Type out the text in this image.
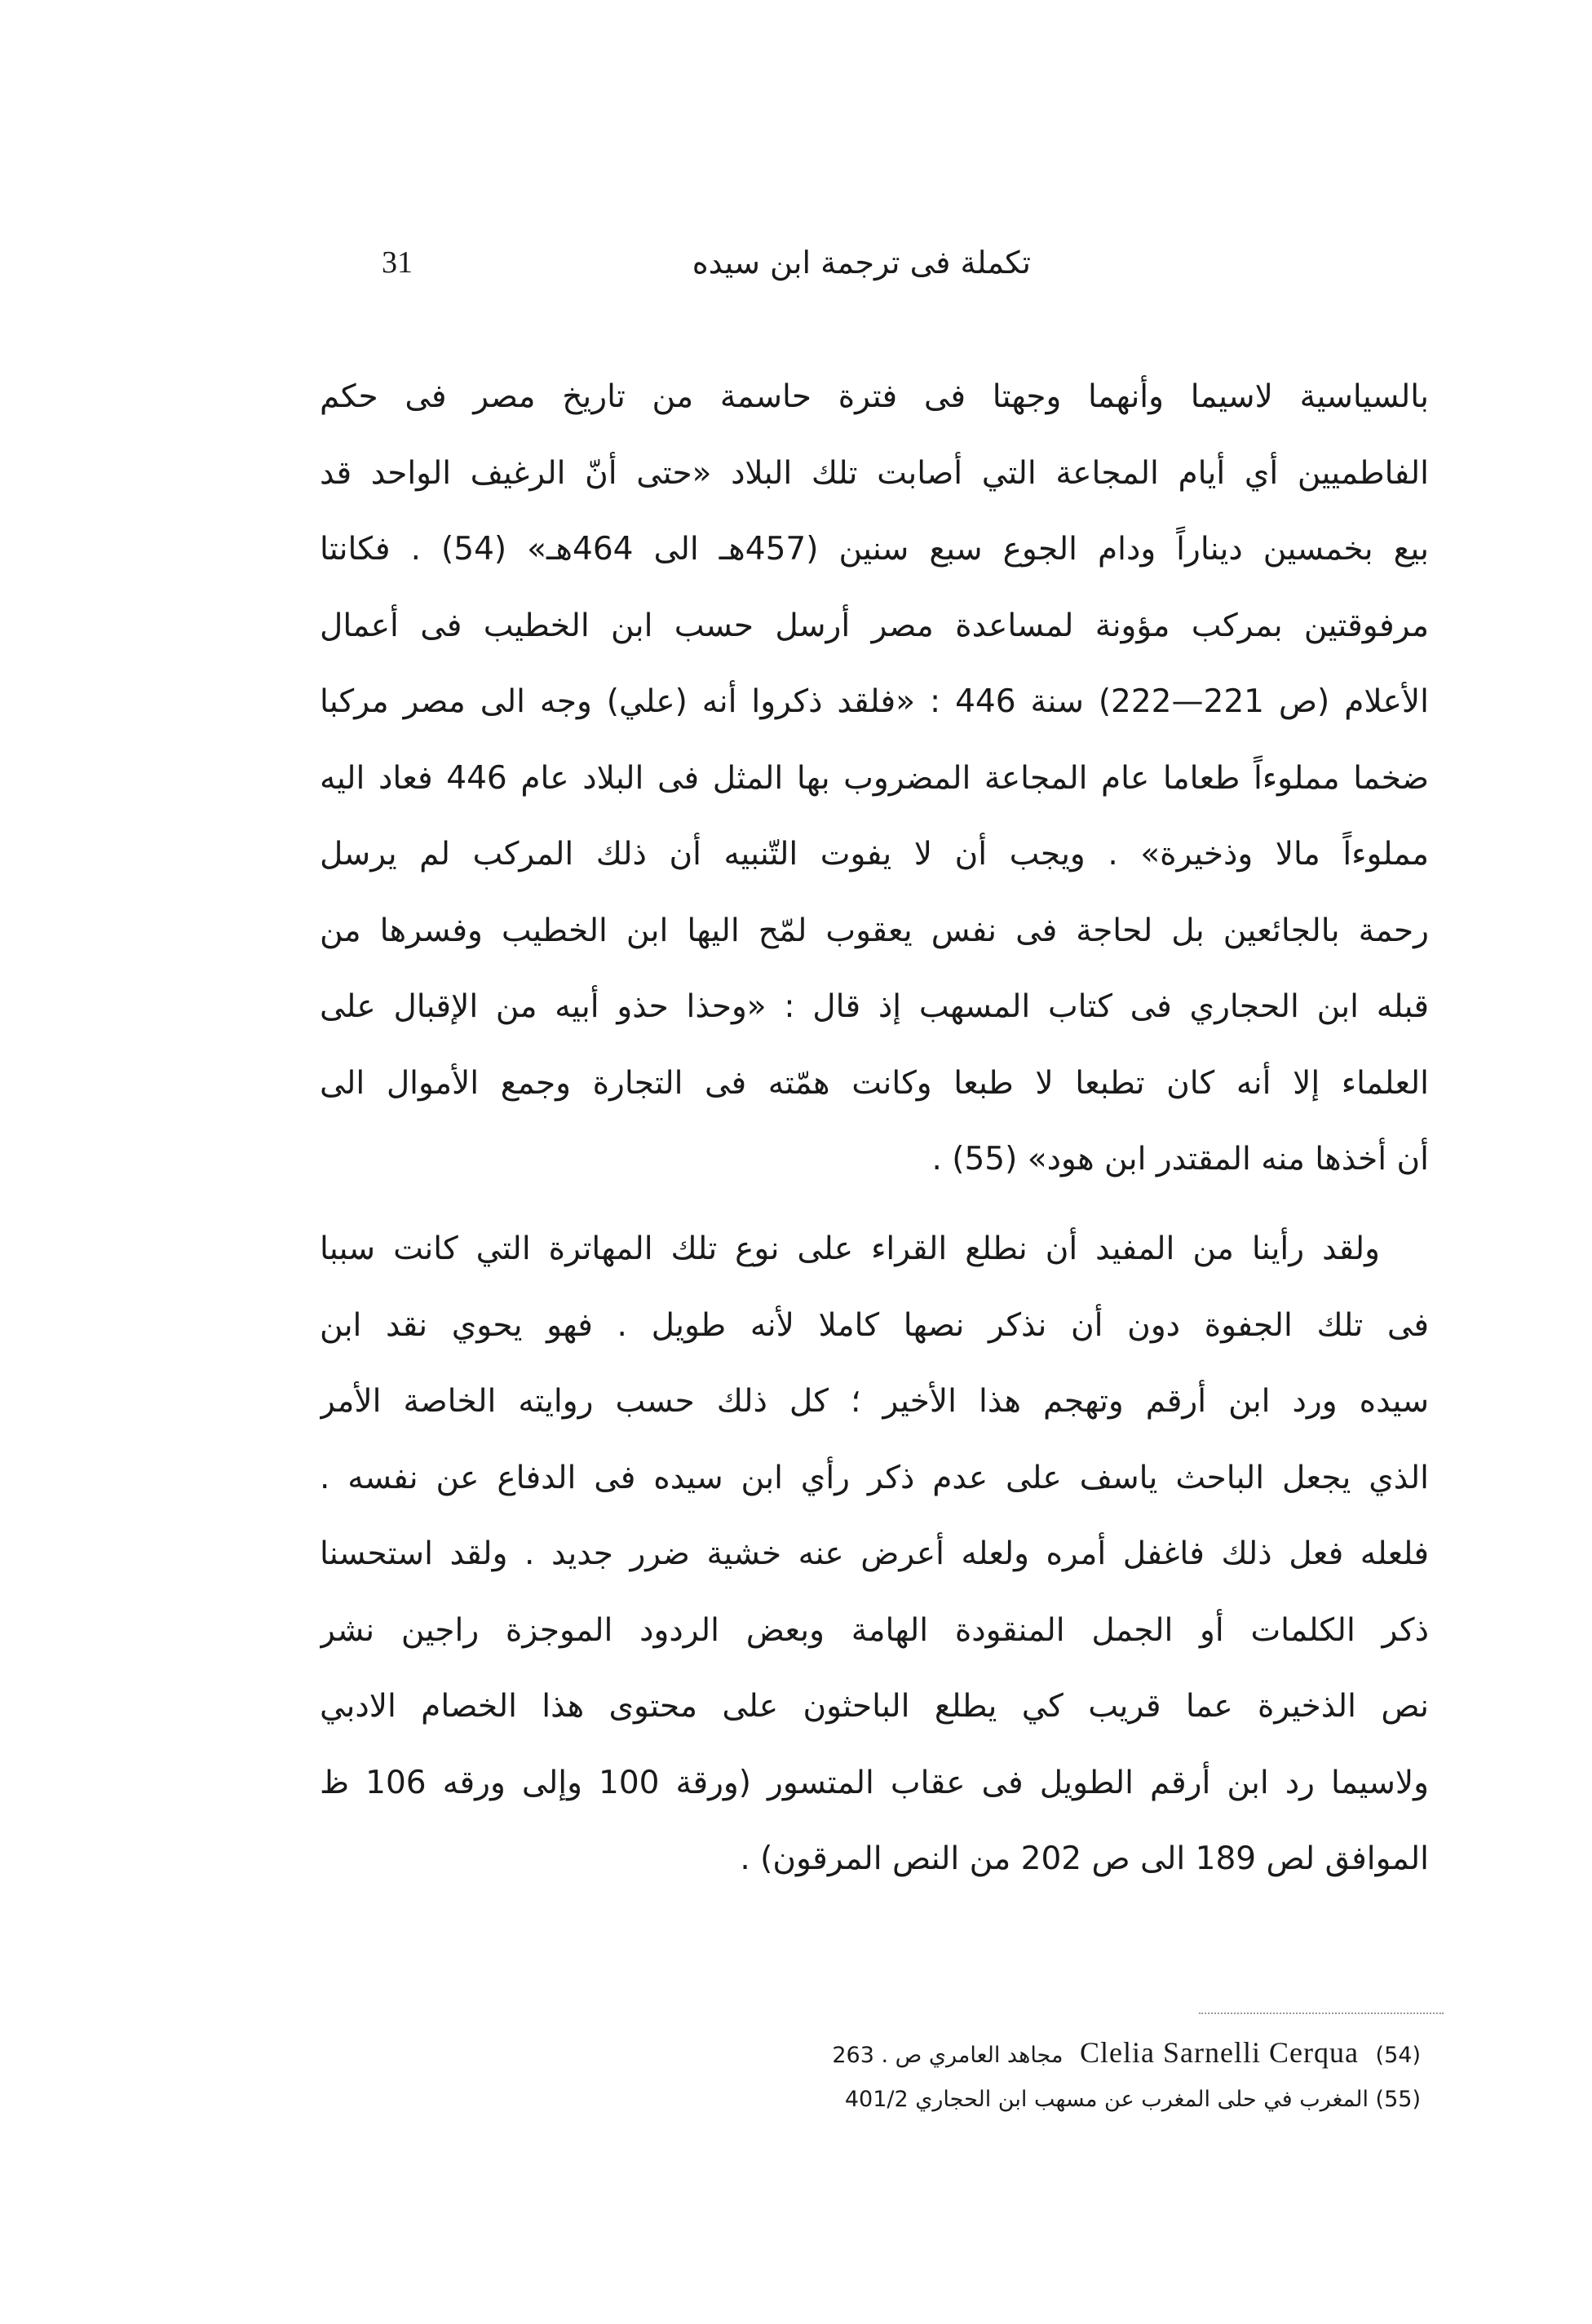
31	تكملة فى ترجمة ابن سيده
بالسياسية لاسيما وأنهما وجهتا فى فترة حاسمة من تاريخ مصر فى حكم
الفاطميين أي أيام المجاعة التي أصابت تلك البلاد «حتى أنّ الرغيف الواحد قد
بيع بخمسين ديناراً ودام الجوع سبع سنين (457هـ الى 464هـ» (54) . فكانتا
مرفوقتين بمركب مؤونة لمساعدة مصر أرسل حسب ابن الخطيب فى أعمال
الأعلام (ص 221—222) سنة 446 : «فلقد ذكروا أنه (علي) وجه الى مصر مركبا
ضخما مملوءاً طعاما عام المجاعة المضروب بها المثل فى البلاد عام 446 فعاد اليه
مملوءاً مالا وذخيرة» . ويجب أن لا يفوت التّنبيه أن ذلك المركب لم يرسل
رحمة بالجائعين بل لحاجة فى نفس يعقوب لمّح اليها ابن الخطيب وفسرها من
قبله ابن الحجاري فى كتاب المسهب إذ قال : «وحذا حذو أبيه من الإقبال على
العلماء إلا أنه كان تطبعا لا طبعا وكانت همّته فى التجارة وجمع الأموال الى
أن أخذها منه المقتدر ابن هود» (55) .
ولقد رأينا من المفيد أن نطلع القراء على نوع تلك المهاترة التي كانت سببا
فى تلك الجفوة دون أن نذكر نصها كاملا لأنه طويل . فهو يحوي نقد ابن
سيده ورد ابن أرقم وتهجم هذا الأخير ؛ كل ذلك حسب روايته الخاصة الأمر
الذي يجعل الباحث ياسف على عدم ذكر رأي ابن سيده فى الدفاع عن نفسه .
فلعله فعل ذلك فاغفل أمره ولعله أعرض عنه خشية ضرر جديد . ولقد استحسنا
ذكر الكلمات أو الجمل المنقودة الهامة وبعض الردود الموجزة راجين نشر
نص الذخيرة عما قريب كي يطلع الباحثون على محتوى هذا الخصام الادبي
ولاسيما رد ابن أرقم الطويل فى عقاب المتسور (ورقة 100 وإلى ورقه 106 ظ
الموافق لص 189 الى ص 202 من النص المرقون) .
(54) Clelia Sarnelli Cerqua مجاهد العامري ص . 263
(55) المغرب في حلى المغرب عن مسهب ابن الحجاري 401/2
